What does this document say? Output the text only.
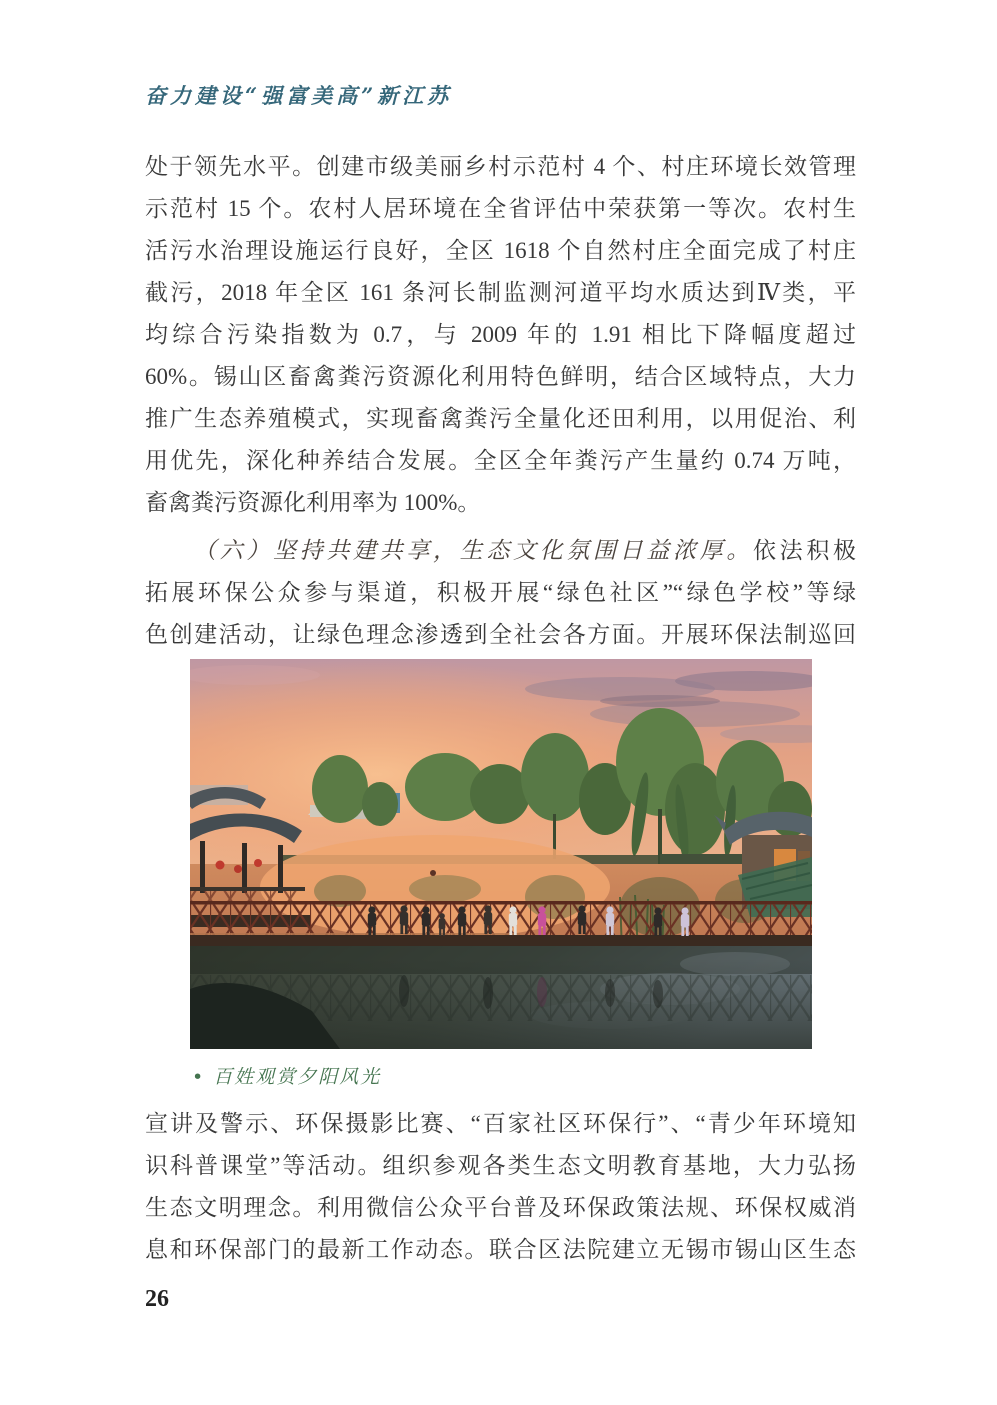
奋力建设“强富美高”新江苏
处于领先水平。创建市级美丽乡村示范村 4 个、村庄环境长效管理
示范村 15 个。农村人居环境在全省评估中荣获第一等次。农村生
活污水治理设施运行良好，全区 1618 个自然村庄全面完成了村庄
截污，2018 年全区 161 条河长制监测河道平均水质达到Ⅳ类，平
均综合污染指数为 0.7，与 2009 年的 1.91 相比下降幅度超过
60%。锡山区畜禽粪污资源化利用特色鲜明，结合区域特点，大力
推广生态养殖模式，实现畜禽粪污全量化还田利用，以用促治、利
用优先，深化种养结合发展。全区全年粪污产生量约 0.74 万吨，
畜禽粪污资源化利用率为 100%。
（六）坚持共建共享，生态文化氛围日益浓厚。依法积极
拓展环保公众参与渠道，积极开展“绿色社区”“绿色学校”等绿
色创建活动，让绿色理念渗透到全社会各方面。开展环保法制巡回
宣讲及警示、环保摄影比赛、“百家社区环保行”、“青少年环境知
识科普课堂”等活动。组织参观各类生态文明教育基地，大力弘扬
生态文明理念。利用微信公众平台普及环保政策法规、环保权威消
息和环保部门的最新工作动态。联合区法院建立无锡市锡山区生态
• 百姓观赏夕阳风光
26
